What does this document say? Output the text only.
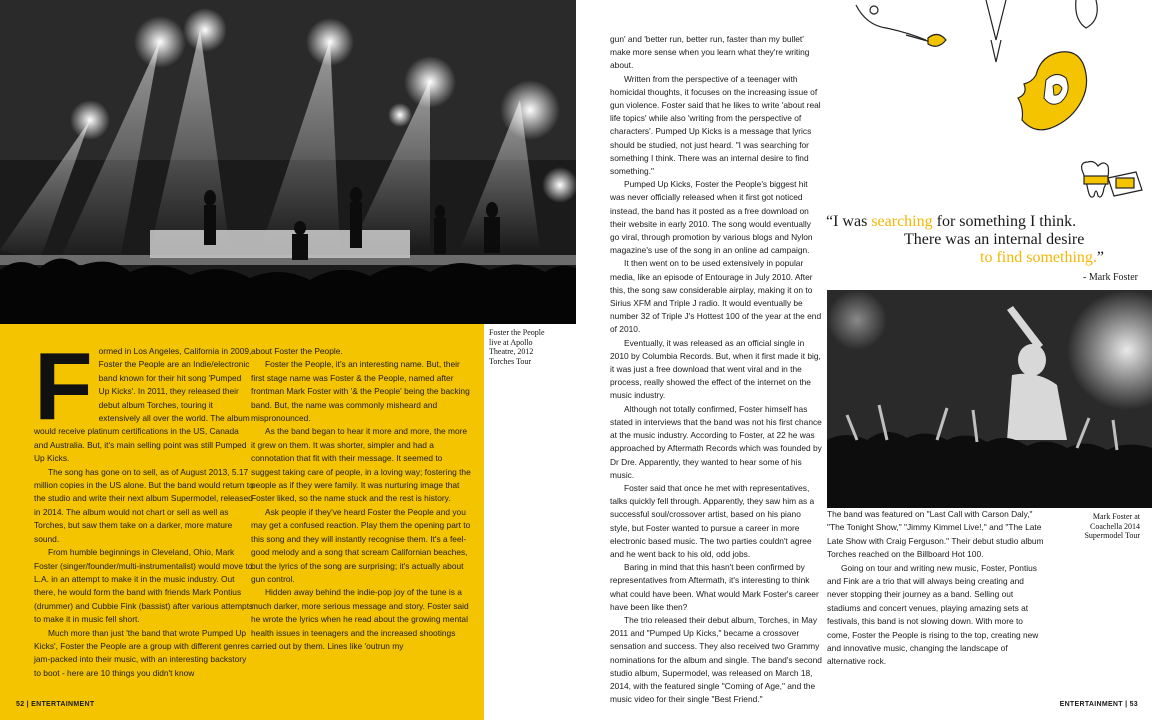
Foster the People
live at Apollo
Theatre, 2012
Torches Tour
F ormed in Los Angeles, California in 2009, Foster the People are an Indie/electronic band known for their hit song 'Pumped Up Kicks'. In 2011, they released their debut album Torches, touring it extensively all over the world. The album would receive platinum certifications in the US, Canada and Australia. But, it's main selling point was still Pumped Up Kicks.

The song has gone on to sell, as of August 2013, 5.17 million copies in the US alone. But the band would return to the studio and write their next album Supermodel, released in 2014. The album would not chart or sell as well as Torches, but saw them take on a darker, more mature sound.

From humble beginnings in Cleveland, Ohio, Mark Foster (singer/founder/multi-instrumentalist) would move to L.A. in an attempt to make it in the music industry. Out there, he would form the band with friends Mark Pontius (drummer) and Cubbie Fink (bassist) after various attempts to make it in music fell short.

Much more than just 'the band that wrote Pumped Up Kicks', Foster the People are a group with different genres jam-packed into their music, with an interesting backstory to boot - here are 10 things you didn't know

about Foster the People.

Foster the People, it's an interesting name. But, their first stage name was Foster & the People, named after frontman Mark Foster with '& the People' being the backing band. But, the name was commonly misheard and mispronounced.

As the band began to hear it more and more, the more it grew on them. It was shorter, simpler and had a connotation that fit with their message. It seemed to suggest taking care of people, in a loving way; fostering the people as if they were family. It was nurturing image that Foster liked, so the name stuck and the rest is history.

Ask people if they've heard Foster the People and you may get a confused reaction. Play them the opening part to this song and they will instantly recognise them. It's a feel-good melody and a song that scream Californian beaches, but the lyrics of the song are surprising; it's actually about gun control.

Hidden away behind the indie-pop joy of the tune is a much darker, more serious message and story. Foster said he wrote the lyrics when he read about the growing mental health issues in teenagers and the increased shootings carried out by them. Lines like 'outrun my

52 | ENTERTAINMENT

gun' and 'better run, better run, faster than my bullet' make more sense when you learn what they're writing about.

Written from the perspective of a teenager with homicidal thoughts, it focuses on the increasing issue of gun violence. Foster said that he likes to write 'about real life topics' while also 'writing from the perspective of characters'. Pumped Up Kicks is a message that lyrics should be studied, not just heard. "I was searching for something I think. There was an internal desire to find something."

Pumped Up Kicks, Foster the People's biggest hit was never officially released when it first got noticed instead, the band has it posted as a free download on their website in early 2010. The song would eventually go viral, through promotion by various blogs and Nylon magazine's use of the song in an online ad campaign.

It then went on to be used extensively in popular media, like an episode of Entourage in July 2010. After this, the song saw considerable airplay, making it on to Sirius XFM and Triple J radio. It would eventually be number 32 of Triple J's Hottest 100 of the year at the end of 2010.

Eventually, it was released as an official single in 2010 by Columbia Records. But, when it first made it big, it was just a free download that went viral and in the process, really showed the effect of the internet on the music industry.

Although not totally confirmed, Foster himself has stated in interviews that the band was not his first chance at the music industry. According to Foster, at 22 he was approached by Aftermath Records which was founded by Dr Dre. Apparently, they wanted to hear some of his music.

Foster said that once he met with representatives, talks quickly fell through. Apparently, they saw him as a successful soul/crossover artist, based on his piano style, but Foster wanted to pursue a career in more electronic based music. The two parties couldn't agree and he went back to his old, odd jobs.

Baring in mind that this hasn't been confirmed by representatives from Aftermath, it's interesting to think what could have been. What would Mark Foster's career have been like then?

The trio released their debut album, Torches, in May 2011 and "Pumped Up Kicks," became a crossover sensation and success. They also received two Grammy nominations for the album and single. The band's second studio album, Supermodel, was released on March 18, 2014, with the featured single "Coming of Age," and the music video for their single "Best Friend."

“I was searching for something I think.
There was an internal desire
to find something.”
- Mark Foster
Mark Foster at
Coachella 2014
Supermodel Tour

The band was featured on "Last Call with Carson Daly," "The Tonight Show," "Jimmy Kimmel Live!," and "The Late Late Show with Craig Ferguson." Their debut studio album Torches reached on the Billboard Hot 100.

Going on tour and writing new music, Foster, Pontius and Fink are a trio that will always being creating and never stopping their journey as a band. Selling out stadiums and concert venues, playing amazing sets at festivals, this band is not slowing down. With more to come, Foster the People is rising to the top, creating new and innovative music, changing the landscape of alternative rock.

ENTERTAINMENT | 53
